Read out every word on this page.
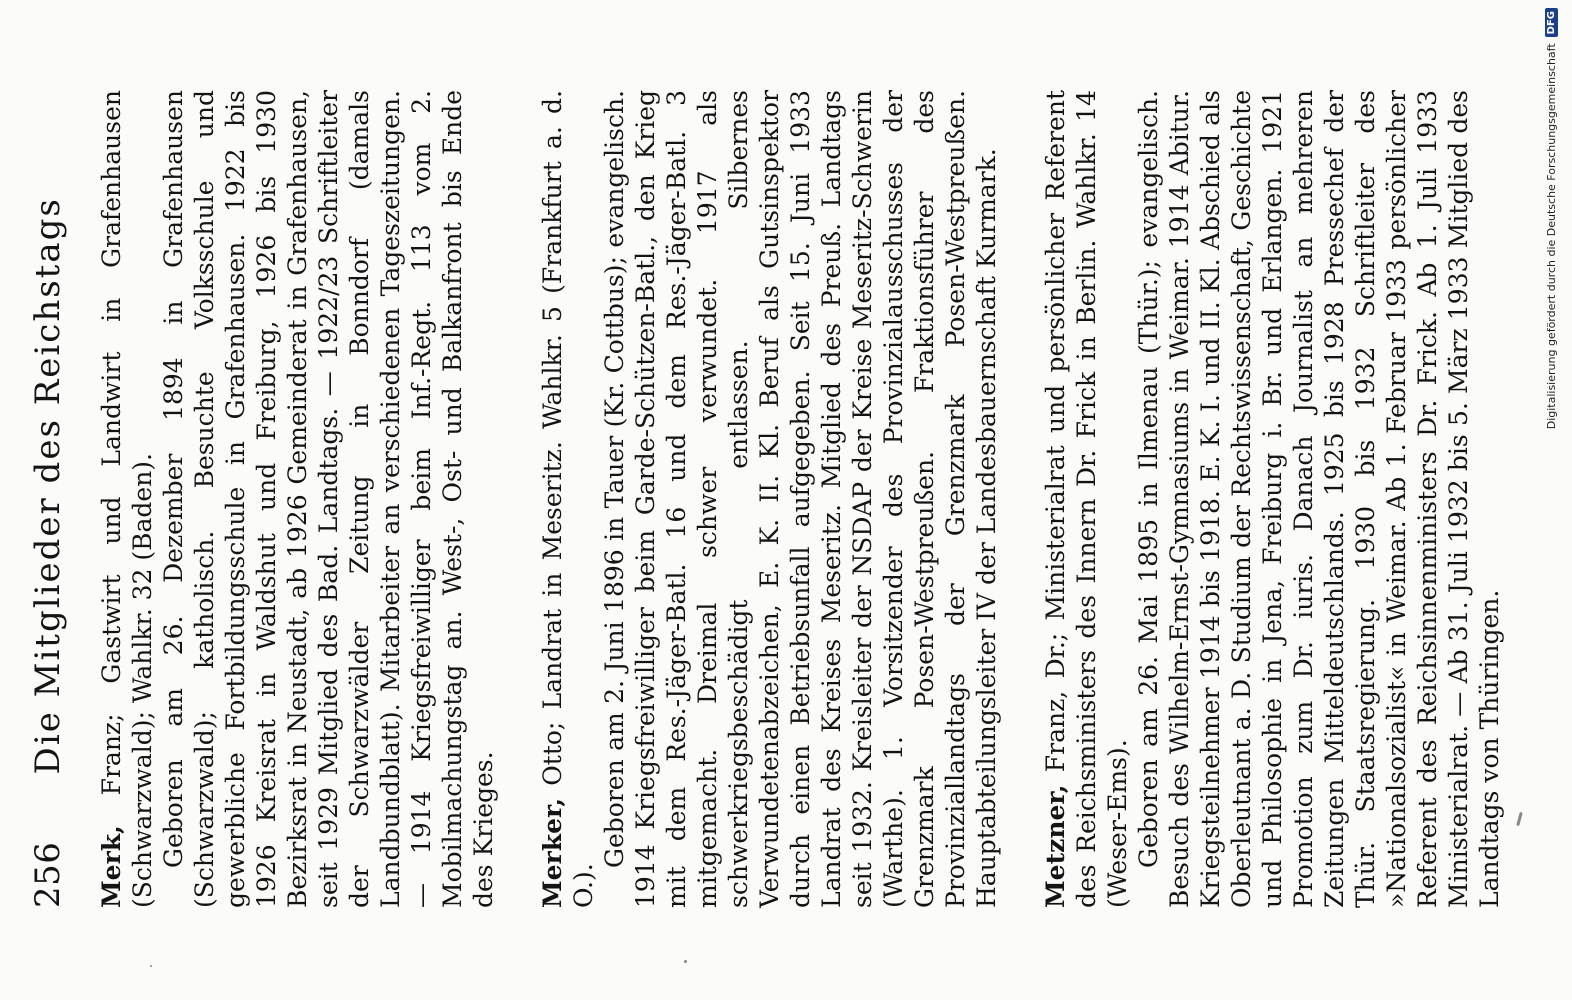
256
Die Mitglieder des Reichstags

Merk, Franz; Gastwirt und Landwirt in Grafenhausen (Schwarzwald); Wahlkr. 32 (Baden). Geboren am 26. Dezember 1894 in Grafenhausen (Schwarzwald); katholisch. Besuchte Volksschule und gewerbliche Fortbildungsschule in Grafenhausen. 1922 bis 1926 Kreisrat in Waldshut und Freiburg, 1926 bis 1930 Bezirksrat in Neustadt, ab 1926 Gemeinderat in Grafenhausen, seit 1929 Mitglied des Bad. Landtags. — 1922/23 Schriftleiter der Schwarzwälder Zeitung in Bonndorf (damals Landbundblatt). Mitarbeiter an verschiedenen Tageszeitungen. — 1914 Kriegsfreiwilliger beim Inf.-Regt. 113 vom 2. Mobilmachungstag an. West-, Ost- und Balkanfront bis Ende des Krieges. Merker, Otto; Landrat in Meseritz. Wahlkr. 5 (Frankfurt a. d. O.).

Geboren am 2. Juni 1896 in Tauer (Kr. Cottbus); evangelisch. 1914 Kriegsfreiwilliger beim Garde-Schützen-Batl., den Krieg mit dem Res.-Jäger-Batl. 16 und dem Res.-Jäger-Batl. 3 mitgemacht. Dreimal schwer verwundet. 1917 als schwerkriegsbeschädigt entlassen. Silbernes Verwundetenabzeichen, E. K. II. Kl. Beruf als Gutsinspektor durch einen Betriebsunfall aufgegeben. Seit 15. Juni 1933 Landrat des Kreises Meseritz. Mitglied des Preuß. Landtags seit 1932. Kreisleiter der NSDAP der Kreise Meseritz-Schwerin (Warthe). 1. Vorsitzender des Provinzialausschusses der Grenzmark Posen-Westpreußen. Fraktionsführer des Provinziallandtags der Grenzmark Posen-Westpreußen. Hauptabteilungsleiter IV der Landesbauernschaft Kurmark. Metzner, Franz, Dr.; Ministerialrat und persönlicher Referent des Reichsministers des Innern Dr. Frick in Berlin. Wahlkr. 14 (Weser-Ems). Geboren am 26. Mai 1895 in Ilmenau (Thür.); evangelisch. Besuch des Wilhelm-Ernst-Gymnasiums in Weimar. 1914 Abitur. Kriegsteilnehmer 1914 bis 1918. E. K. I. und II. Kl. Abschied als Oberleutnant a. D. Studium der Rechtswissenschaft, Geschichte und Philosophie in Jena, Freiburg i. Br. und Erlangen. 1921 Promotion zum Dr. iuris. Danach Journalist an mehreren Zeitungen Mitteldeutschlands. 1925 bis 1928 Pressechef der Thür. Staatsregierung. 1930 bis 1932 Schriftleiter des »Nationalsozialist« in Weimar. Ab 1. Februar 1933 persönlicher Referent des Reichsinnenministers Dr. Frick. Ab 1. Juli 1933 Ministerialrat. — Ab 31. Juli 1932 bis 5. März 1933 Mitglied des Landtags von Thüringen.

Digitalisierung gefördert durch die Deutsche Forschungsgemeinschaft
DFG
